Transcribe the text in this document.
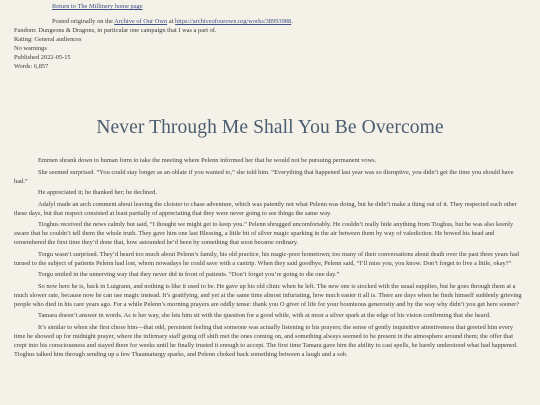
Return to The Millinery home page
Posted originally on the Archive of Our Own at https://archiveofourown.org/works/38993988.
Fandom: Dungeons & Dragons, in particular one campaign that I was a part of.
Rating: General audiences
No warnings
Published 2022-05-15
Words: 6,857
Never Through Me Shall You Be Overcome

Emmen shrank down to human form to take the meeting where Pelenn informed her that he would not be pursuing permanent vows.

She seemed surprised. “You could stay longer as an oblate if you wanted to,” she told him. “Everything that happened last year was so disruptive, you didn’t get the time you should have had.”

He appreciated it; he thanked her; he declined.

Adalyl made an arch comment about leaving the cloister to chase adventure, which was patently not what Pelenn was doing, but he didn’t make a thing out of it. They respected each other these days, but that respect consisted at least partially of appreciating that they were never going to see things the same way.

Tioghus received the news calmly but said, “I thought we might get to keep you.” Pelenn shrugged uncomfortably. He couldn’t really hide anything from Tioghus, but he was also keenly aware that he couldn’t tell them the whole truth. They gave him one last Blessing, a little bit of silver magic sparking in the air between them by way of valediction. He bowed his head and remembered the first time they’d done that, how astounded he’d been by something that soon became ordinary.

Torgu wasn’t surprised. They’d heard too much about Pelenn’s family, his old practice, his magic-poor hometown; too many of their conversations about death over the past three years had turned to the subject of patients Pelenn had lost, whom nowadays he could save with a cantrip. When they said goodbye, Pelenn said, “I’ll miss you, you know. Don’t forget to live a little, okay?”

Torgu smiled in the unnerving way that they never did in front of patients. “Don’t forget you’re going to die one day.”

So now here he is, back in Luigrann, and nothing is like it used to be. He gave up his old clinic when he left. The new one is stocked with the usual supplies, but he goes through them at a much slower rate, because now he can use magic instead. It’s gratifying, and yet at the same time almost infuriating, how much easier it all is. There are days when he finds himself suddenly grieving people who died in his care years ago. For a while Pelenn’s morning prayers are oddly tense: thank you O giver of life for your bounteous generosity and by the way why didn’t you get here sooner?

Tamara doesn’t answer in words. As is her way, she lets him sit with the question for a good while, with at most a silver spark at the edge of his vision confirming that she heard.

It’s similar to when she first chose him—that odd, persistent feeling that someone was actually listening to his prayers; the sense of gently inquisitive attentiveness that greeted him every time he showed up for midnight prayer, where the infirmary staff going off shift met the ones coming on, and something always seemed to be present in the atmosphere around them; the offer that crept into his consciousness and stayed there for weeks until he finally trusted it enough to accept. The first time Tamara gave him the ability to cast spells, he barely understood what had happened. Tioghus talked him through sending up a few Thaumaturgy sparks, and Pelenn choked back something between a laugh and a sob.
